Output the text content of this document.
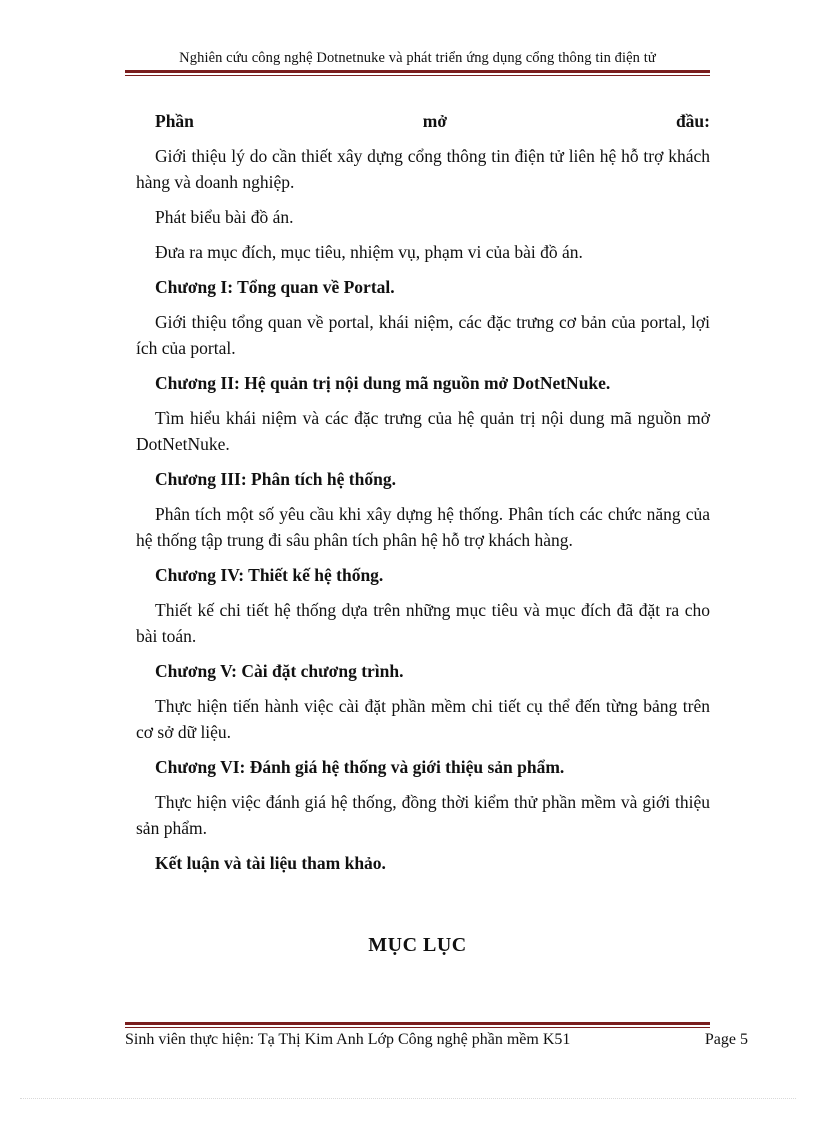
Nghiên cứu công nghệ Dotnetnuke và phát triển ứng dụng cổng thông tin điện tử
Phần	mở	đầu:

Giới thiệu lý do cần thiết xây dựng cổng thông tin điện tử liên hệ hỗ trợ khách hàng và doanh nghiệp.

Phát biểu bài đồ án.

Đưa ra mục đích, mục tiêu, nhiệm vụ, phạm vi của bài đồ án.

Chương I: Tổng quan về Portal.

Giới thiệu tổng quan về portal, khái niệm, các đặc trưng cơ bản của portal, lợi ích của portal.

Chương II: Hệ quản trị nội dung mã nguồn mở DotNetNuke.

Tìm hiểu khái niệm và các đặc trưng của hệ quản trị nội dung mã nguồn mở DotNetNuke.

Chương III: Phân tích hệ thống.

Phân tích một số yêu cầu khi xây dựng hệ thống. Phân tích các chức năng của hệ thống tập trung đi sâu phân tích phân hệ hỗ trợ khách hàng.

Chương IV: Thiết kế hệ thống.

Thiết kế chi tiết hệ thống dựa trên những mục tiêu và mục đích đã đặt ra cho bài toán.

Chương V: Cài đặt chương trình.

Thực hiện tiến hành việc cài đặt phần mềm chi tiết cụ thể đến từng bảng trên cơ sở dữ liệu.

Chương VI: Đánh giá hệ thống và giới thiệu sản phẩm.

Thực hiện việc đánh giá hệ thống, đồng thời kiểm thử phần mềm và giới thiệu sản phẩm.

Kết luận và tài liệu tham khảo.
MỤC LỤC
Sinh viên thực hiện: Tạ Thị Kim Anh Lớp Công nghệ phần mềm K51	Page 5
